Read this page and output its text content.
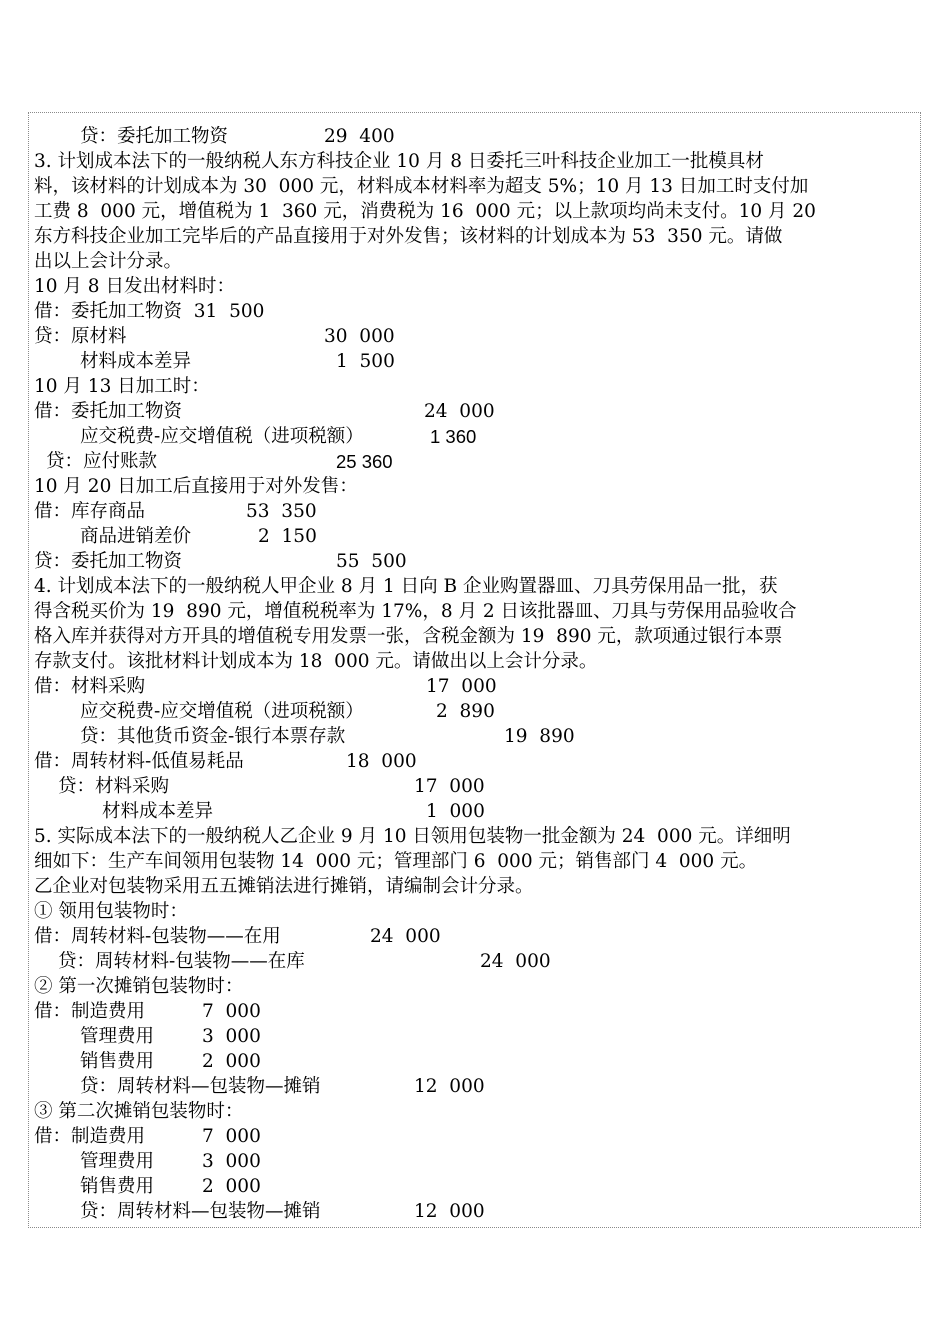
贷：委托加工物资	29  400
3. 计划成本法下的一般纳税人东方科技企业 10 月 8 日委托三叶科技企业加工一批模具材
料，该材料的计划成本为 30  000 元，材料成本材料率为超支 5%；10 月 13 日加工时支付加
工费 8  000 元，增值税为 1  360 元，消费税为 16  000 元；以上款项均尚未支付。10 月 20
东方科技企业加工完毕后的产品直接用于对外发售；该材料的计划成本为 53  350 元。请做
出以上会计分录。
10 月 8 日发出材料时：
借：委托加工物资  31  500
贷：原材料	30  000
材料成本差异	1  500
10 月 13 日加工时：
借：委托加工物资	24  000
应交税费-应交增值税（进项税额）	1 360
贷：应付账款	25 360
10 月 20 日加工后直接用于对外发售：
借：库存商品	53  350
商品进销差价	2  150
贷：委托加工物资	55  500
4. 计划成本法下的一般纳税人甲企业 8 月 1 日向 B 企业购置器皿、刀具劳保用品一批，获
得含税买价为 19  890 元，增值税税率为 17%，8 月 2 日该批器皿、刀具与劳保用品验收合
格入库并获得对方开具的增值税专用发票一张，含税金额为 19  890 元，款项通过银行本票
存款支付。该批材料计划成本为 18  000 元。请做出以上会计分录。
借：材料采购	17  000
应交税费-应交增值税（进项税额）	2  890
贷：其他货币资金-银行本票存款	19  890
借：周转材料-低值易耗品	18  000
贷：材料采购	17  000
材料成本差异	1  000
5. 实际成本法下的一般纳税人乙企业 9 月 10 日领用包装物一批金额为 24  000 元。详细明
细如下：生产车间领用包装物 14  000 元；管理部门 6  000 元；销售部门 4  000 元。
乙企业对包装物采用五五摊销法进行摊销，请编制会计分录。
① 领用包装物时：
借：周转材料-包装物——在用	24  000
贷：周转材料-包装物——在库	24  000
② 第一次摊销包装物时：
借：制造费用	7  000
管理费用	3  000
销售费用	2  000
贷：周转材料—包装物—摊销	12  000
③ 第二次摊销包装物时：
借：制造费用	7  000
管理费用	3  000
销售费用	2  000
贷：周转材料—包装物—摊销	12  000
